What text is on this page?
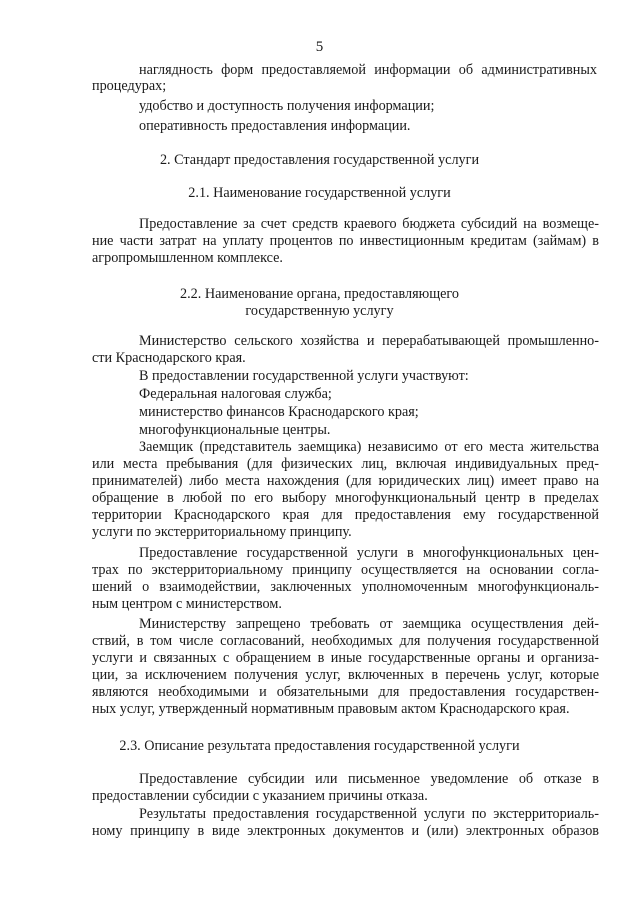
5
наглядность форм предоставляемой информации об административных
процедурах;
удобство и доступность получения информации;
оперативность предоставления информации.
2. Стандарт предоставления государственной услуги
2.1. Наименование государственной услуги
Предоставление за счет средств краевого бюджета субсидий на возмеще-
ние части затрат на уплату процентов по инвестиционным кредитам (займам) в
агропромышленном комплексе.
2.2. Наименование органа, предоставляющего
государственную услугу
Министерство сельского хозяйства и перерабатывающей промышленно-
сти Краснодарского края.
В предоставлении государственной услуги участвуют:
Федеральная налоговая служба;
министерство финансов Краснодарского края;
многофункциональные центры.
Заемщик (представитель заемщика) независимо от его места жительства
или места пребывания (для физических лиц, включая индивидуальных пред-
принимателей) либо места нахождения (для юридических лиц) имеет право на
обращение в любой по его выбору многофункциональный центр в пределах
территории Краснодарского края для предоставления ему государственной
услуги по экстерриториальному принципу.
Предоставление государственной услуги в многофункциональных цен-
трах по экстерриториальному принципу осуществляется на основании согла-
шений о взаимодействии, заключенных уполномоченным многофункциональ-
ным центром с министерством.
Министерству запрещено требовать от заемщика осуществления дей-
ствий, в том числе согласований, необходимых для получения государственной
услуги и связанных с обращением в иные государственные органы и организа-
ции, за исключением получения услуг, включенных в перечень услуг, которые
являются необходимыми и обязательными для предоставления государствен-
ных услуг, утвержденный нормативным правовым актом Краснодарского края.
2.3. Описание результата предоставления государственной услуги
Предоставление субсидии или письменное уведомление об отказе в
предоставлении субсидии с указанием причины отказа.
Результаты предоставления государственной услуги по экстерриториаль-
ному принципу в виде электронных документов и (или) электронных образов
